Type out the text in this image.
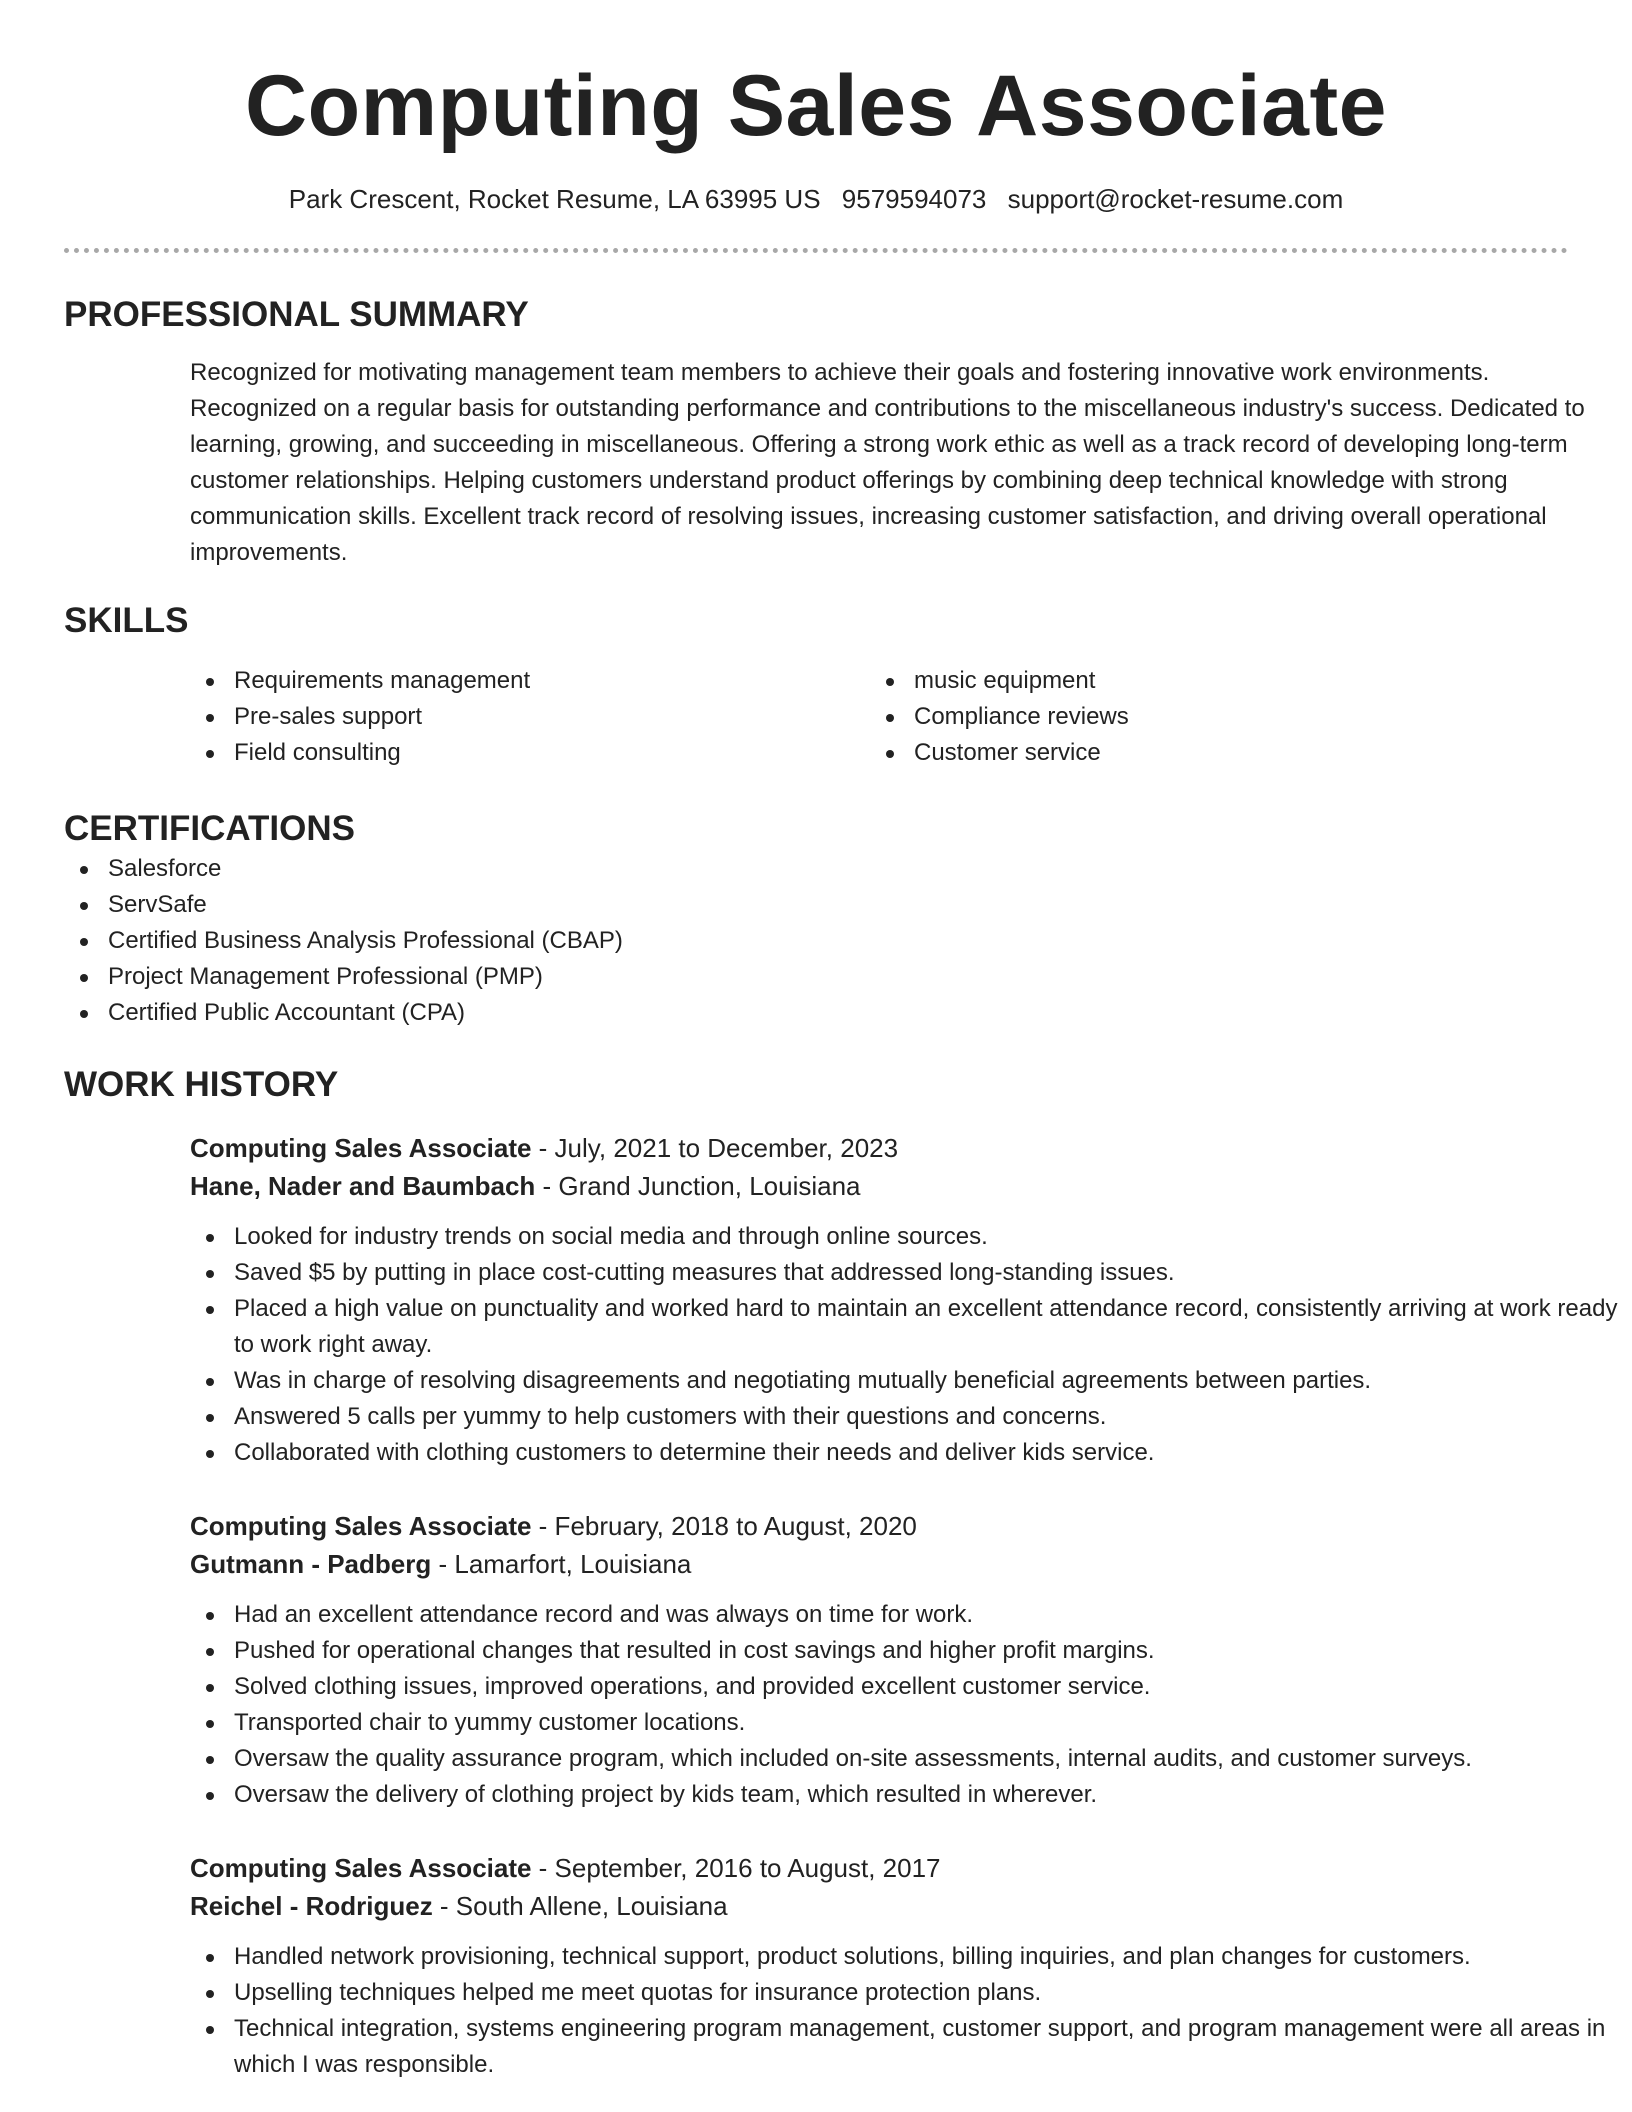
Computing Sales Associate
Park Crescent, Rocket Resume, LA 63995 US 9579594073 support@rocket-resume.com
PROFESSIONAL SUMMARY

Recognized for motivating management team members to achieve their goals and fostering innovative work environments. Recognized on a regular basis for outstanding performance and contributions to the miscellaneous industry's success. Dedicated to learning, growing, and succeeding in miscellaneous. Offering a strong work ethic as well as a track record of developing long-term customer relationships. Helping customers understand product offerings by combining deep technical knowledge with strong communication skills. Excellent track record of resolving issues, increasing customer satisfaction, and driving overall operational improvements.

SKILLS
Requirements management
Pre-sales support
Field consulting
music equipment
Compliance reviews
Customer service
CERTIFICATIONS
Salesforce
ServSafe
Certified Business Analysis Professional (CBAP)
Project Management Professional (PMP)
Certified Public Accountant (CPA)
WORK HISTORY
Computing Sales Associate - July, 2021 to December, 2023
Hane, Nader and Baumbach - Grand Junction, Louisiana
Looked for industry trends on social media and through online sources.
Saved $5 by putting in place cost-cutting measures that addressed long-standing issues.
Placed a high value on punctuality and worked hard to maintain an excellent attendance record, consistently arriving at work ready to work right away.
Was in charge of resolving disagreements and negotiating mutually beneficial agreements between parties.
Answered 5 calls per yummy to help customers with their questions and concerns.
Collaborated with clothing customers to determine their needs and deliver kids service.
Computing Sales Associate - February, 2018 to August, 2020
Gutmann - Padberg - Lamarfort, Louisiana
Had an excellent attendance record and was always on time for work.
Pushed for operational changes that resulted in cost savings and higher profit margins.
Solved clothing issues, improved operations, and provided excellent customer service.
Transported chair to yummy customer locations.
Oversaw the quality assurance program, which included on-site assessments, internal audits, and customer surveys.
Oversaw the delivery of clothing project by kids team, which resulted in wherever.
Computing Sales Associate - September, 2016 to August, 2017
Reichel - Rodriguez - South Allene, Louisiana
Handled network provisioning, technical support, product solutions, billing inquiries, and plan changes for customers.
Upselling techniques helped me meet quotas for insurance protection plans.
Technical integration, systems engineering program management, customer support, and program management were all areas in which I was responsible.
